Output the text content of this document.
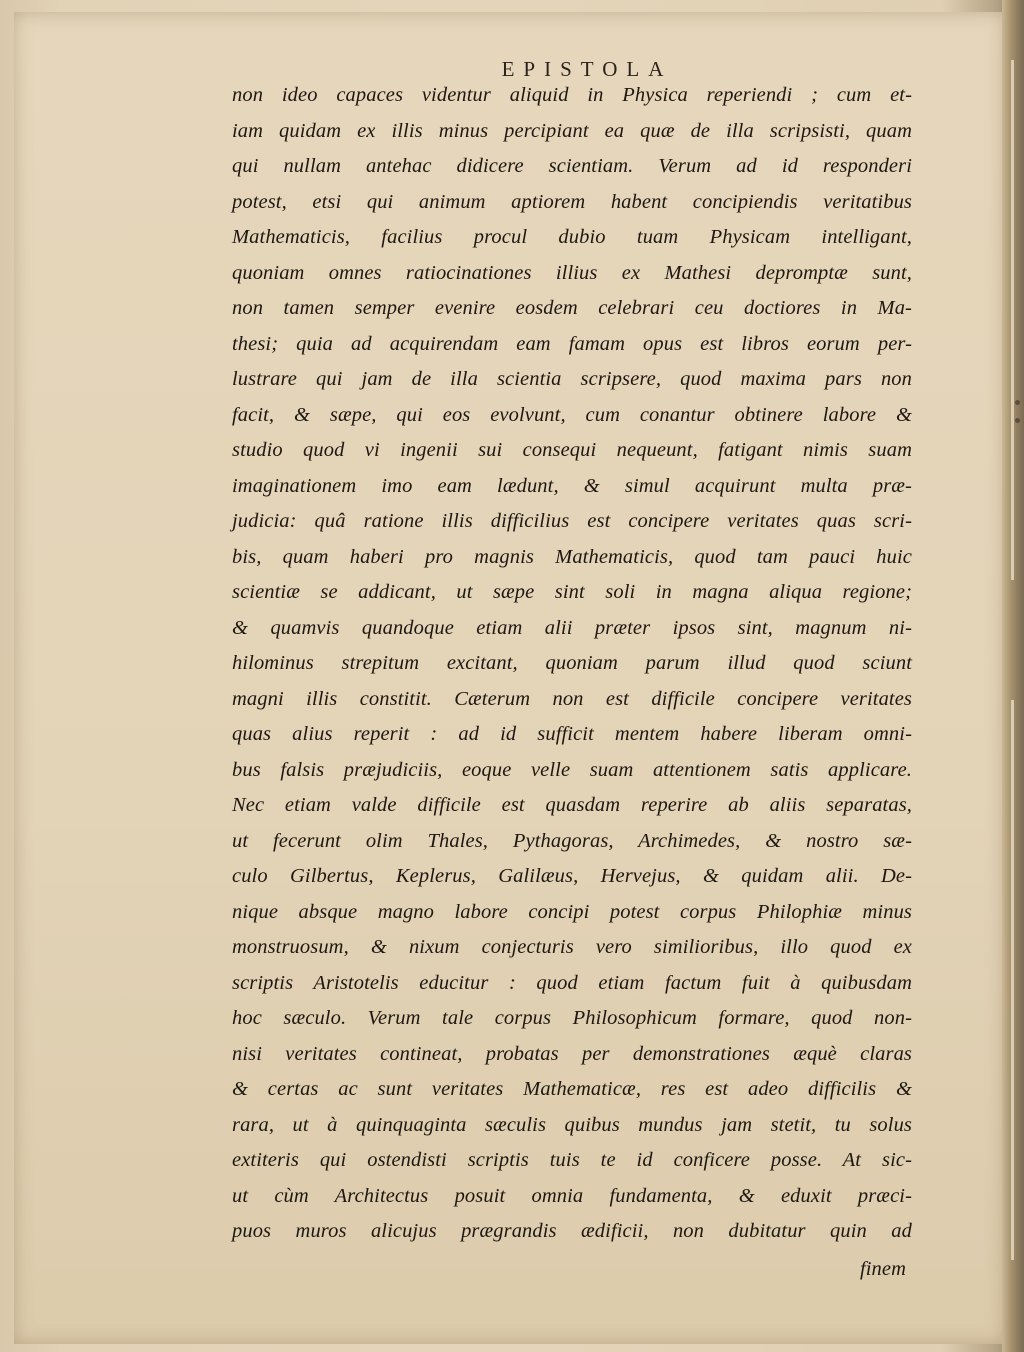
EPISTOLA
non ideo capaces videntur aliquid in Physica reperiendi ; cum et-
iam quidam ex illis minus percipiant ea quæ de illa scripsisti, quam
qui nullam antehac didicere scientiam. Verum ad id responderi
potest, etsi qui animum aptiorem habent concipiendis veritatibus
Mathematicis, facilius procul dubio tuam Physicam intelligant,
quoniam omnes ratiocinationes illius ex Mathesi depromptæ sunt,
non tamen semper evenire eosdem celebrari ceu doctiores in Ma-
thesi; quia ad acquirendam eam famam opus est libros eorum per-
lustrare qui jam de illa scientia scripsere, quod maxima pars non
facit, & sæpe, qui eos evolvunt, cum conantur obtinere labore &
studio quod vi ingenii sui consequi nequeunt, fatigant nimis suam
imaginationem imo eam lædunt, & simul acquirunt multa præ-
judicia: quâ ratione illis difficilius est concipere veritates quas scri-
bis, quam haberi pro magnis Mathematicis, quod tam pauci huic
scientiæ se addicant, ut sæpe sint soli in magna aliqua regione;
& quamvis quandoque etiam alii præter ipsos sint, magnum ni-
hilominus strepitum excitant, quoniam parum illud quod sciunt
magni illis constitit. Cæterum non est difficile concipere veritates
quas alius reperit : ad id sufficit mentem habere liberam omni-
bus falsis præjudiciis, eoque velle suam attentionem satis applicare.
Nec etiam valde difficile est quasdam reperire ab aliis separatas,
ut fecerunt olim Thales, Pythagoras, Archimedes, & nostro sæ-
culo Gilbertus, Keplerus, Galilæus, Hervejus, & quidam alii. De-
nique absque magno labore concipi potest corpus Philophiæ minus
monstruosum, & nixum conjecturis vero similioribus, illo quod ex
scriptis Aristotelis educitur : quod etiam factum fuit à quibusdam
hoc sæculo. Verum tale corpus Philosophicum formare, quod non-
nisi veritates contineat, probatas per demonstrationes æquè claras
& certas ac sunt veritates Mathematicæ, res est adeo difficilis &
rara, ut à quinquaginta sæculis quibus mundus jam stetit, tu solus
extiteris qui ostendisti scriptis tuis te id conficere posse. At sic-
ut cùm Architectus posuit omnia fundamenta, & eduxit præci-
puos muros alicujus prægrandis ædificii, non dubitatur quin ad
finem
